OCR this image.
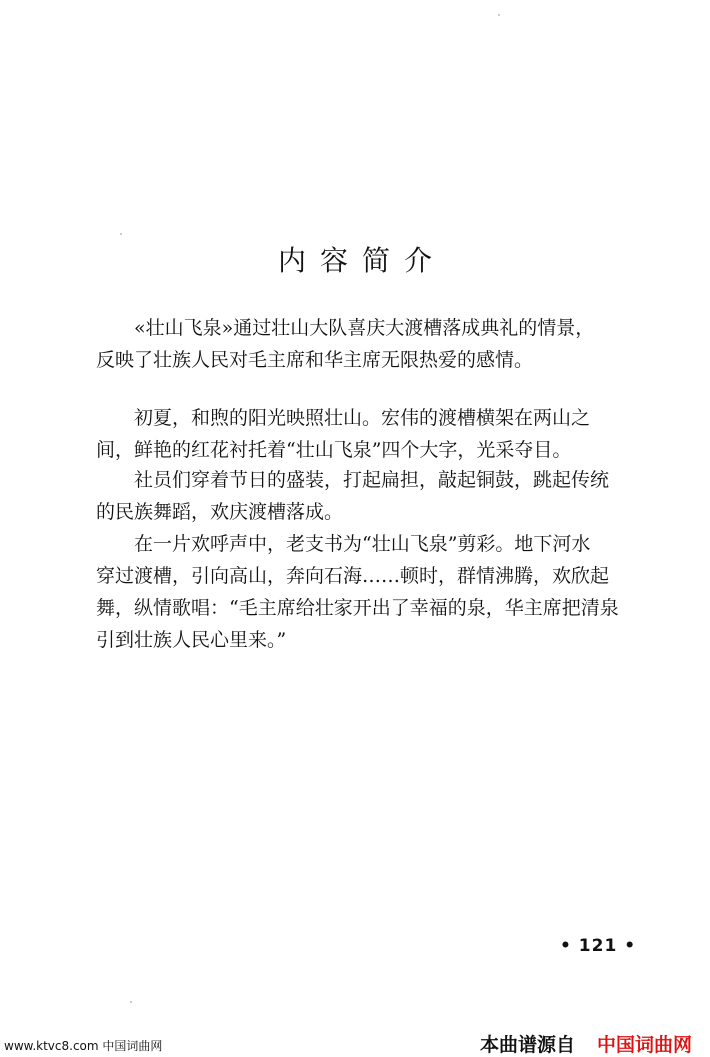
内容简介

«壮山飞泉»通过壮山大队喜庆大渡槽落成典礼的情景，
反映了壮族人民对毛主席和华主席无限热爱的感情。

初夏，和煦的阳光映照壮山。宏伟的渡槽横架在两山之
间，鲜艳的红花衬托着“壮山飞泉”四个大字，光采夺目。

社员们穿着节日的盛装，打起扁担，敲起铜鼓，跳起传统
的民族舞蹈，欢庆渡槽落成。

在一片欢呼声中，老支书为“壮山飞泉”剪彩。地下河水
穿过渡槽，引向高山，奔向石海……顿时，群情沸腾，欢欣起
舞，纵情歌唱：“毛主席给壮家开出了幸福的泉，华主席把清泉
引到壮族人民心里来。”

• 121 •
www.ktvc8.com 中国词曲网	本曲谱源自 中国词曲网
